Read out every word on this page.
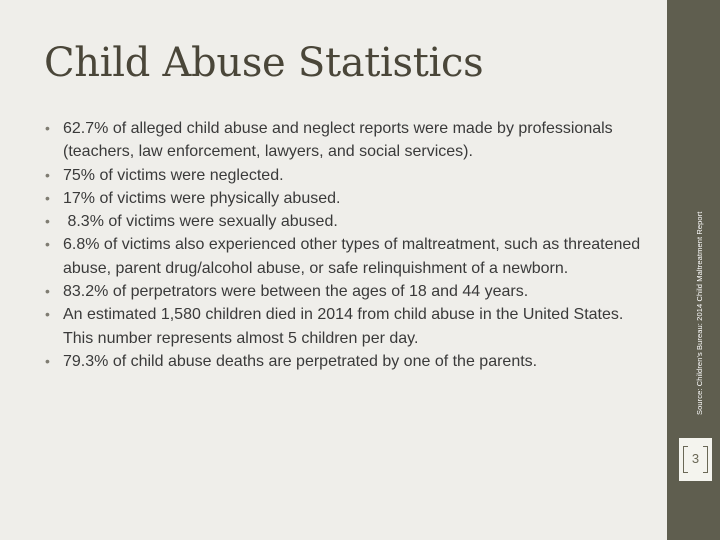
Child Abuse Statistics
• 62.7% of alleged child abuse and neglect reports were made by professionals (teachers, law enforcement, lawyers, and social services).
• 75% of victims were neglected.
• 17% of victims were physically abused.
• 8.3% of victims were sexually abused.
• 6.8% of victims also experienced other types of maltreatment, such as threatened abuse, parent drug/alcohol abuse, or safe relinquishment of a newborn.
• 83.2% of perpetrators were between the ages of 18 and 44 years.
• An estimated 1,580 children died in 2014 from child abuse in the United States. This number represents almost 5 children per day.
• 79.3% of child abuse deaths are perpetrated by one of the parents.	Source: Children's Bureau: 2014 Child Maltreatment Report
3
